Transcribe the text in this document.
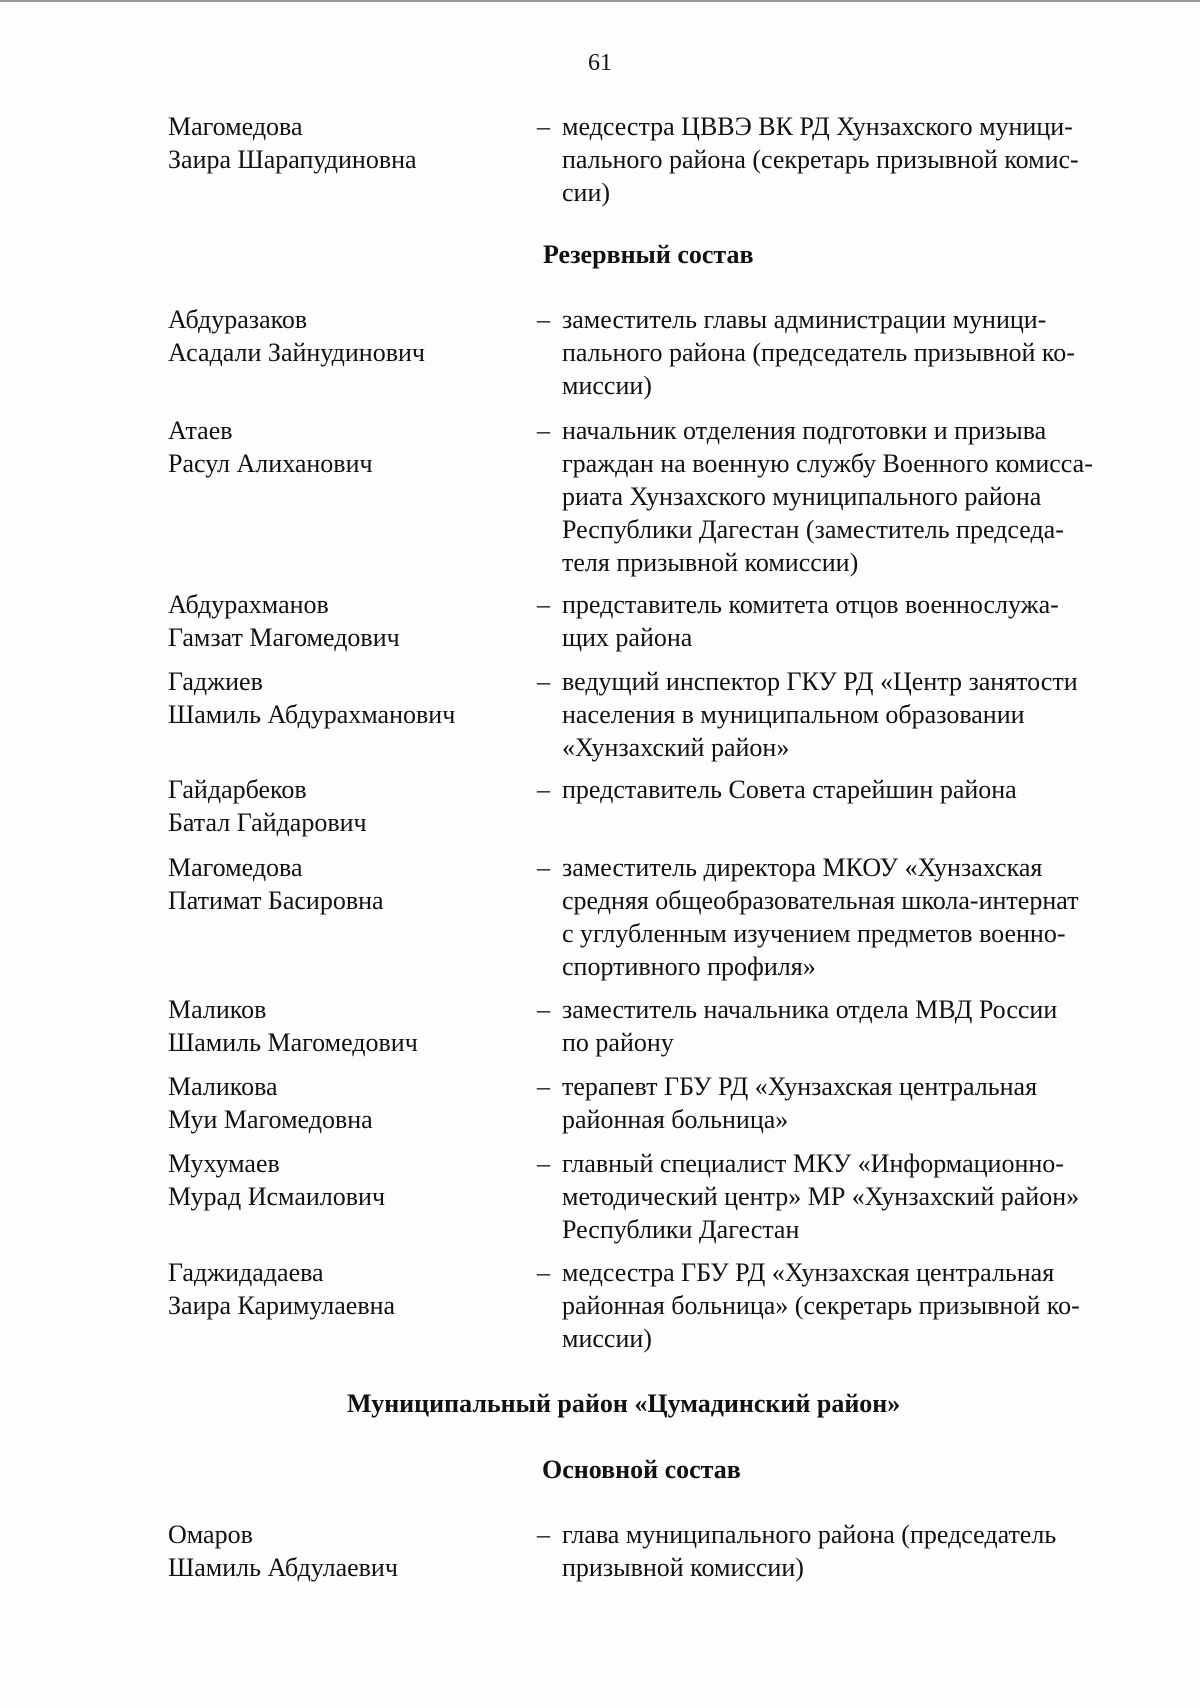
61
Магомедова
Заира Шарапудиновна
– медсестра ЦВВЭ ВК РД Хунзахского муници-
пального района (секретарь призывной комис-
сии)
Резервный состав
Абдуразаков
Асадали Зайнудинович
– заместитель главы администрации муници-
пального района (председатель призывной ко-
миссии)
Атаев
Расул Алиханович
– начальник отделения подготовки и призыва
граждан на военную службу Военного комисса-
риата Хунзахского муниципального района
Республики Дагестан (заместитель председа-
теля призывной комиссии)
Абдурахманов
Гамзат Магомедович
– представитель комитета отцов военнослужа-
щих района
Гаджиев
Шамиль Абдурахманович
– ведущий инспектор ГКУ РД «Центр занятости
населения в муниципальном образовании
«Хунзахский район»
Гайдарбеков
Батал Гайдарович
– представитель Совета старейшин района
Магомедова
Патимат Басировна
– заместитель директора МКОУ «Хунзахская
средняя общеобразовательная школа-интернат
с углубленным изучением предметов военно-
спортивного профиля»
Маликов
Шамиль Магомедович
– заместитель начальника отдела МВД России
по району
Маликова
Муи Магомедовна
– терапевт ГБУ РД «Хунзахская центральная
районная больница»
Мухумаев
Мурад Исмаилович
– главный специалист МКУ «Информационно-
методический центр» МР «Хунзахский район»
Республики Дагестан
Гаджидадаева
Заира Каримулаевна
– медсестра ГБУ РД «Хунзахская центральная
районная больница» (секретарь призывной ко-
миссии)
Муниципальный район «Цумадинский район»
Основной состав
Омаров
Шамиль Абдулаевич
– глава муниципального района (председатель
призывной комиссии)
